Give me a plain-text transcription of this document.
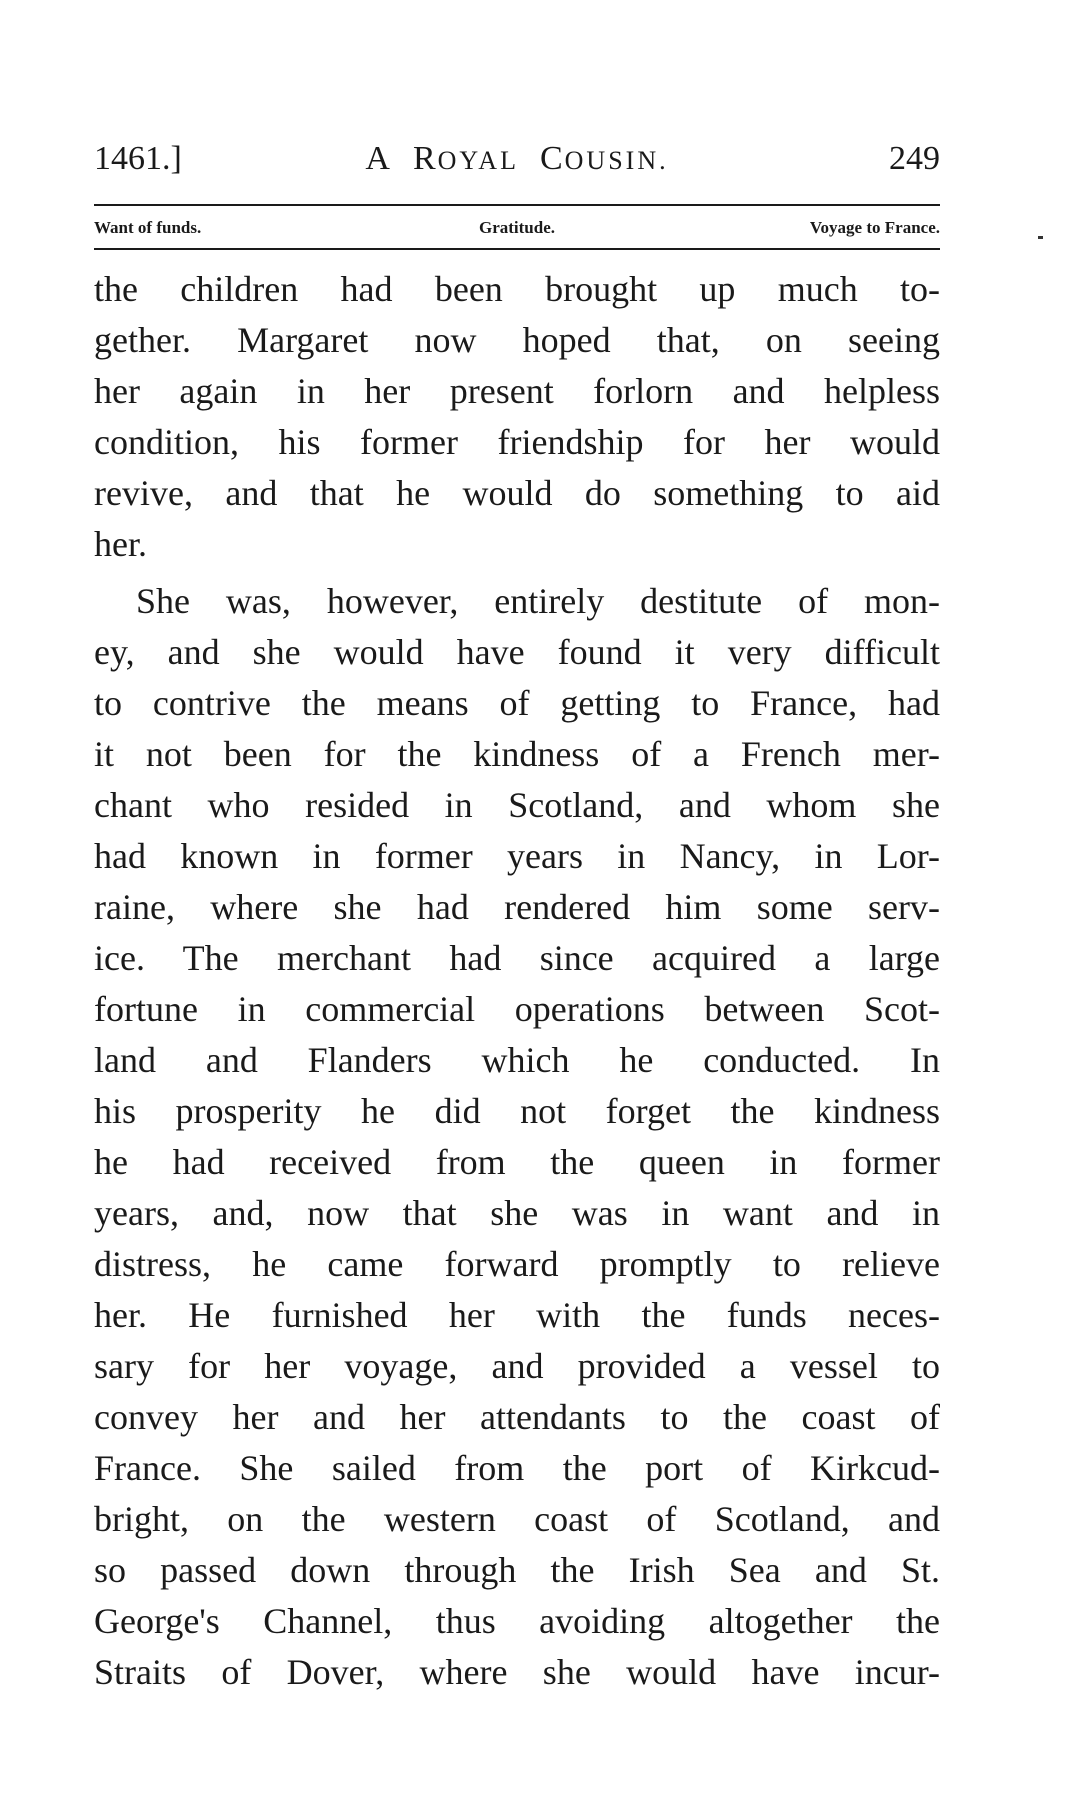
1461.]	A ROYAL COUSIN.	249
Want of funds.	Gratitude.	Voyage to France.
the children had been brought up much to-
gether. Margaret now hoped that, on seeing
her again in her present forlorn and helpless
condition, his former friendship for her would
revive, and that he would do something to aid
her.
She was, however, entirely destitute of mon-
ey, and she would have found it very difficult
to contrive the means of getting to France, had
it not been for the kindness of a French mer-
chant who resided in Scotland, and whom she
had known in former years in Nancy, in Lor-
raine, where she had rendered him some serv-
ice. The merchant had since acquired a large
fortune in commercial operations between Scot-
land and Flanders which he conducted. In
his prosperity he did not forget the kindness
he had received from the queen in former
years, and, now that she was in want and in
distress, he came forward promptly to relieve
her. He furnished her with the funds neces-
sary for her voyage, and provided a vessel to
convey her and her attendants to the coast of
France. She sailed from the port of Kirkcud-
bright, on the western coast of Scotland, and
so passed down through the Irish Sea and St.
George's Channel, thus avoiding altogether the
Straits of Dover, where she would have incur-
